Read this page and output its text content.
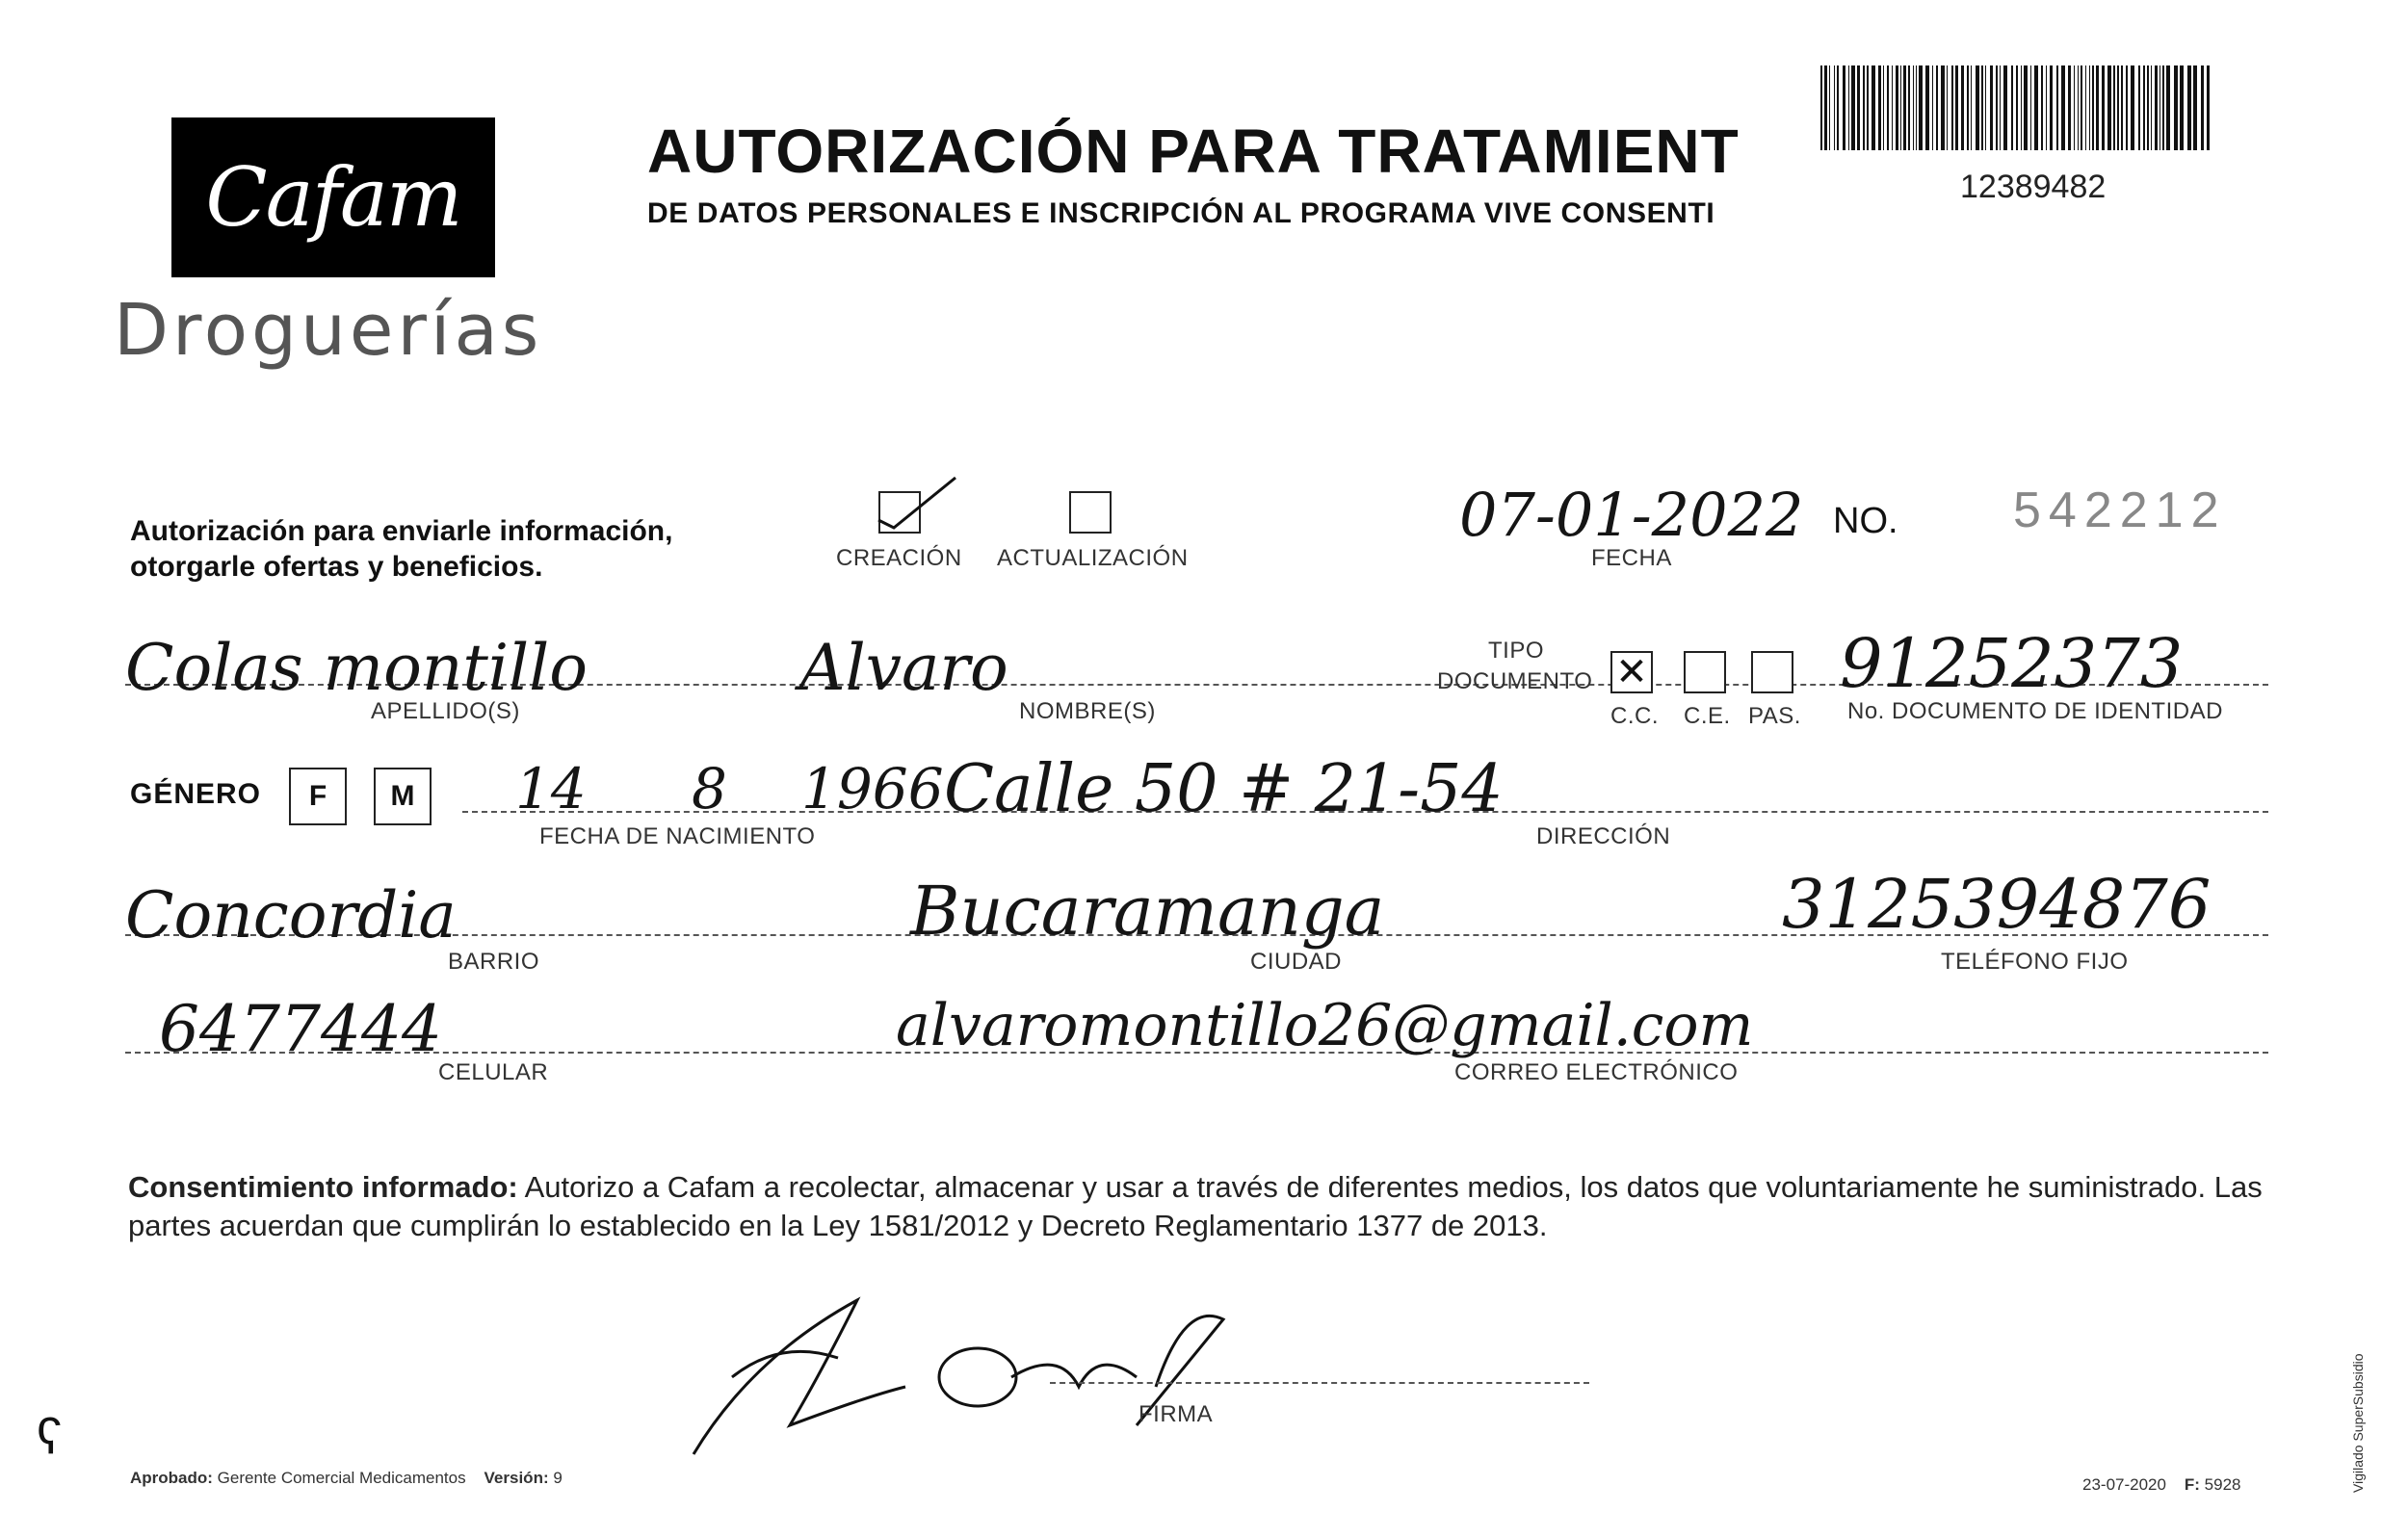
Cafam
Droguerías
AUTORIZACIÓN PARA TRATAMIENT
DE DATOS PERSONALES E INSCRIPCIÓN AL PROGRAMA VIVE CONSENTI
12389482
Autorización para enviarle información,
otorgarle ofertas y beneficios.	CREACIÓN ACTUALIZACIÓN
07-01-2022
FECHA
NO. 542212
Colas montillo
APELLIDO(S)
Alvaro
NOMBRE(S)
TIPO
DOCUMENTO ✕
C.C. C.E. PAS.
91252373
No. DOCUMENTO DE IDENTIDAD
GÉNERO F M 14 8 1966
FECHA DE NACIMIENTO
Calle 50 # 21-54
DIRECCIÓN
Concordia
BARRIO
Bucaramanga
CIUDAD
3125394876
TELÉFONO FIJO
6477444
CELULAR
alvaromontillo26@gmail.com
CORREO ELECTRÓNICO
Consentimiento informado: Autorizo a Cafam a recolectar, almacenar y usar a través de diferentes medios, los datos que voluntariamente he suministrado. Las partes acuerdan que cumplirán lo establecido en la Ley 1581/2012 y Decreto Reglamentario 1377 de 2013.
FIRMA
ʕ
Aprobado: Gerente Comercial Medicamentos Versión: 9	23-07-2020 F: 5928	Vigilado SuperSubsidio
